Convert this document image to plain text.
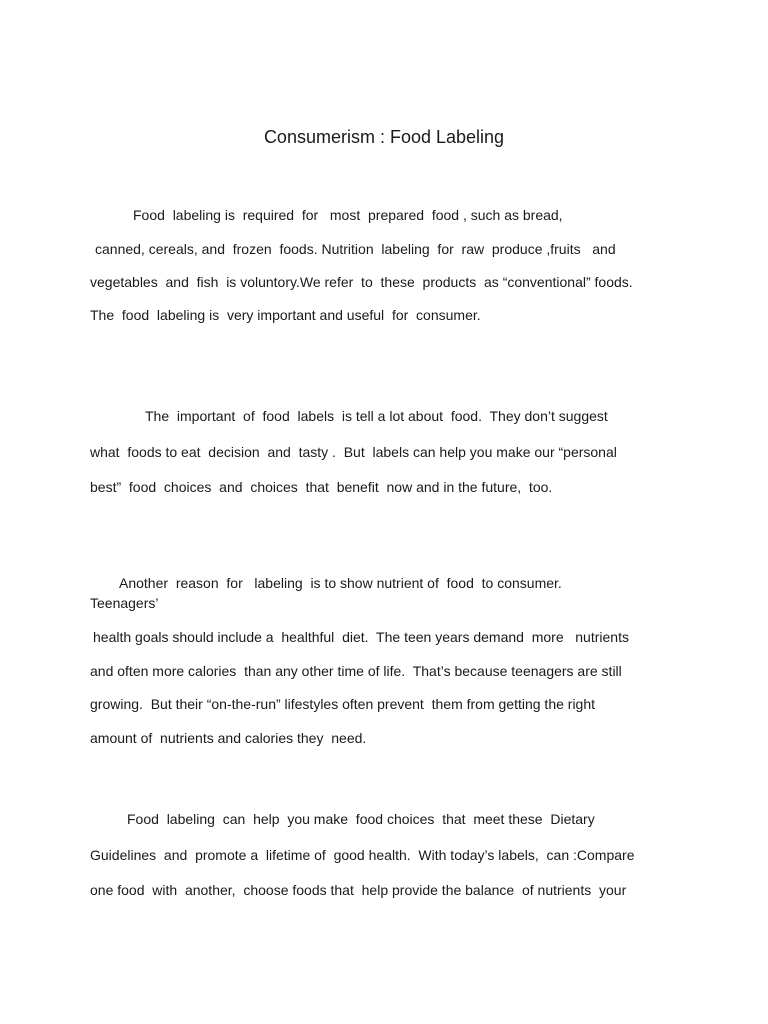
Consumerism : Food Labeling
Food  labeling is  required  for   most  prepared  food , such as bread,
canned, cereals, and  frozen  foods. Nutrition  labeling  for  raw  produce ,fruits   and
vegetables  and  fish  is voluntory.We refer  to  these  products  as “conventional” foods.
The  food  labeling is  very important and useful  for  consumer.
The  important  of  food  labels  is tell a lot about  food.  They don’t suggest
what  foods to eat  decision  and  tasty .  But  labels can help you make our “personal
best”  food  choices  and  choices  that  benefit  now and in the future,  too.
Another  reason  for   labeling  is to show nutrient of  food  to consumer.
Teenagers’
health goals should include a  healthful  diet.  The teen years demand  more   nutrients
and often more calories  than any other time of life.  That’s because teenagers are still
growing.  But their “on-the-run” lifestyles often prevent  them from getting the right
amount of  nutrients and calories they  need.
Food  labeling  can  help  you make  food choices  that  meet these  Dietary
Guidelines  and  promote a  lifetime of  good health.  With today’s labels,  can :Compare
one food  with  another,  choose foods that  help provide the balance  of nutrients  your
